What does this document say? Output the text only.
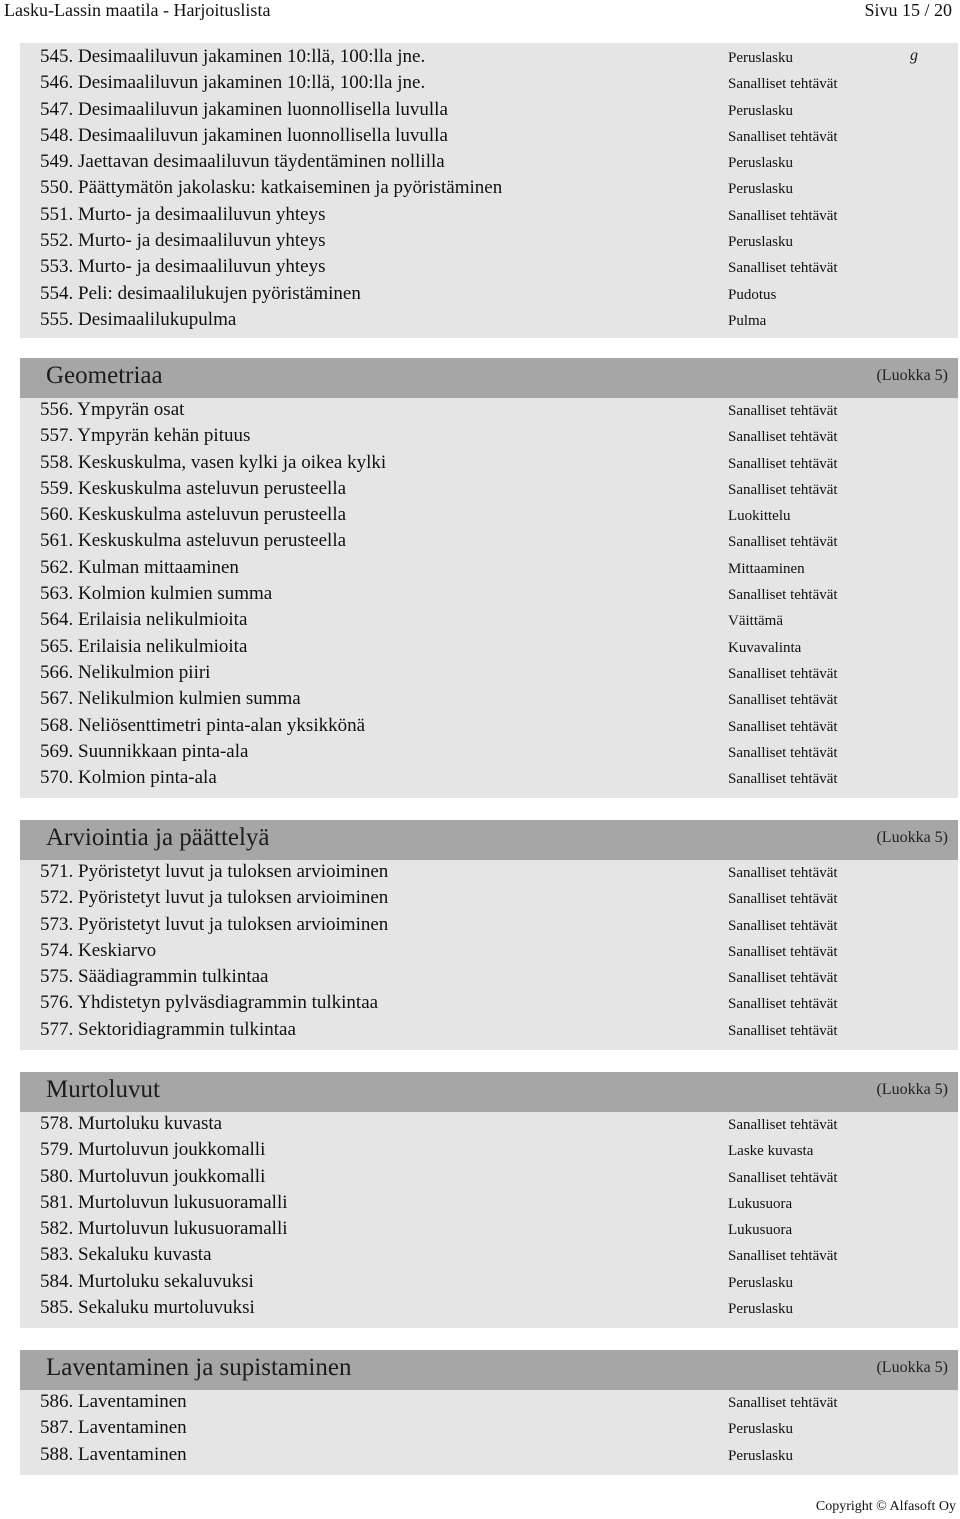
Lasku-Lassin maatila - Harjoituslista	Sivu 15 / 20
545. Desimaaliluvun jakaminen 10:llä, 100:lla jne.	Peruslasku	g
546. Desimaaliluvun jakaminen 10:llä, 100:lla jne.	Sanalliset tehtävät
547. Desimaaliluvun jakaminen luonnollisella luvulla	Peruslasku
548. Desimaaliluvun jakaminen luonnollisella luvulla	Sanalliset tehtävät
549. Jaettavan desimaaliluvun täydentäminen nollilla	Peruslasku
550. Päättymätön jakolasku: katkaiseminen ja pyöristäminen	Peruslasku
551. Murto- ja desimaaliluvun yhteys	Sanalliset tehtävät
552. Murto- ja desimaaliluvun yhteys	Peruslasku
553. Murto- ja desimaaliluvun yhteys	Sanalliset tehtävät
554. Peli: desimaalilukujen pyöristäminen	Pudotus
555. Desimaalilukupulma	Pulma
Geometriaa	(Luokka 5)
556. Ympyrän osat	Sanalliset tehtävät
557. Ympyrän kehän pituus	Sanalliset tehtävät
558. Keskuskulma, vasen kylki ja oikea kylki	Sanalliset tehtävät
559. Keskuskulma asteluvun perusteella	Sanalliset tehtävät
560. Keskuskulma asteluvun perusteella	Luokittelu
561. Keskuskulma asteluvun perusteella	Sanalliset tehtävät
562. Kulman mittaaminen	Mittaaminen
563. Kolmion kulmien summa	Sanalliset tehtävät
564. Erilaisia nelikulmioita	Väittämä
565. Erilaisia nelikulmioita	Kuvavalinta
566. Nelikulmion piiri	Sanalliset tehtävät
567. Nelikulmion kulmien summa	Sanalliset tehtävät
568. Neliösenttimetri pinta-alan yksikkönä	Sanalliset tehtävät
569. Suunnikkaan pinta-ala	Sanalliset tehtävät
570. Kolmion pinta-ala	Sanalliset tehtävät
Arviointia ja päättelyä	(Luokka 5)
571. Pyöristetyt luvut ja tuloksen arvioiminen	Sanalliset tehtävät
572. Pyöristetyt luvut ja tuloksen arvioiminen	Sanalliset tehtävät
573. Pyöristetyt luvut ja tuloksen arvioiminen	Sanalliset tehtävät
574. Keskiarvo	Sanalliset tehtävät
575. Säädiagrammin tulkintaa	Sanalliset tehtävät
576. Yhdistetyn pylväsdiagrammin tulkintaa	Sanalliset tehtävät
577. Sektoridiagrammin tulkintaa	Sanalliset tehtävät
Murtoluvut	(Luokka 5)
578. Murtoluku kuvasta	Sanalliset tehtävät
579. Murtoluvun joukkomalli	Laske kuvasta
580. Murtoluvun joukkomalli	Sanalliset tehtävät
581. Murtoluvun lukusuoramalli	Lukusuora
582. Murtoluvun lukusuoramalli	Lukusuora
583. Sekaluku kuvasta	Sanalliset tehtävät
584. Murtoluku sekaluvuksi	Peruslasku
585. Sekaluku murtoluvuksi	Peruslasku
Laventaminen ja supistaminen	(Luokka 5)
586. Laventaminen	Sanalliset tehtävät
587. Laventaminen	Peruslasku
588. Laventaminen	Peruslasku
Copyright © Alfasoft Oy
